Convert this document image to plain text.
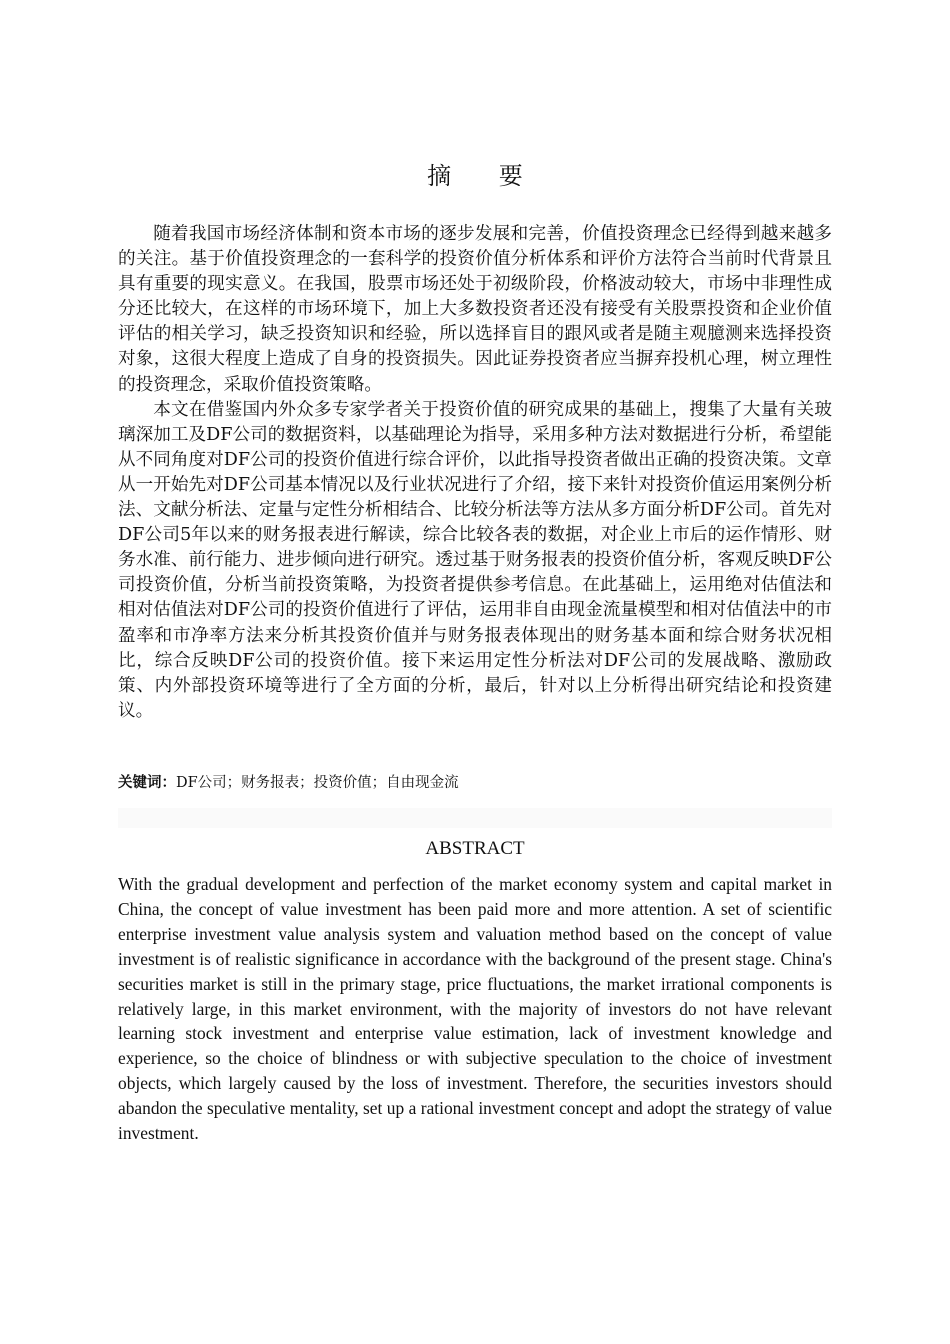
摘 要

随着我国市场经济体制和资本市场的逐步发展和完善，价值投资理念已经得到越来越多的关注。基于价值投资理念的一套科学的投资价值分析体系和评价方法符合当前时代背景且具有重要的现实意义。在我国，股票市场还处于初级阶段，价格波动较大，市场中非理性成分还比较大，在这样的市场环境下，加上大多数投资者还没有接受有关股票投资和企业价值评估的相关学习，缺乏投资知识和经验，所以选择盲目的跟风或者是随主观臆测来选择投资对象，这很大程度上造成了自身的投资损失。因此证券投资者应当摒弃投机心理，树立理性的投资理念，采取价值投资策略。

本文在借鉴国内外众多专家学者关于投资价值的研究成果的基础上，搜集了大量有关玻璃深加工及DF公司的数据资料，以基础理论为指导，采用多种方法对数据进行分析，希望能从不同角度对DF公司的投资价值进行综合评价，以此指导投资者做出正确的投资决策。文章从一开始先对DF公司基本情况以及行业状况进行了介绍，接下来针对投资价值运用案例分析法、文献分析法、定量与定性分析相结合、比较分析法等方法从多方面分析DF公司。首先对DF公司5年以来的财务报表进行解读，综合比较各表的数据，对企业上市后的运作情形、财务水准、前行能力、进步倾向进行研究。透过基于财务报表的投资价值分析，客观反映DF公司投资价值，分析当前投资策略，为投资者提供参考信息。在此基础上，运用绝对估值法和相对估值法对DF公司的投资价值进行了评估，运用非自由现金流量模型和相对估值法中的市盈率和市净率方法来分析其投资价值并与财务报表体现出的财务基本面和综合财务状况相比，综合反映DF公司的投资价值。接下来运用定性分析法对DF公司的发展战略、激励政策、内外部投资环境等进行了全方面的分析，最后，针对以上分析得出研究结论和投资建议。

关键词：DF公司；财务报表；投资价值；自由现金流
ABSTRACT

With the gradual development and perfection of the market economy system and capital market in China, the concept of value investment has been paid more and more attention. A set of scientific enterprise investment value analysis system and valuation method based on the concept of value investment is of realistic significance in accordance with the background of the present stage. China's securities market is still in the primary stage, price fluctuations, the market irrational components is relatively large, in this market environment, with the majority of investors do not have relevant learning stock investment and enterprise value estimation, lack of investment knowledge and experience, so the choice of blindness or with subjective speculation to the choice of investment objects, which largely caused by the loss of investment. Therefore, the securities investors should abandon the speculative mentality, set up a rational investment concept and adopt the strategy of value investment.
